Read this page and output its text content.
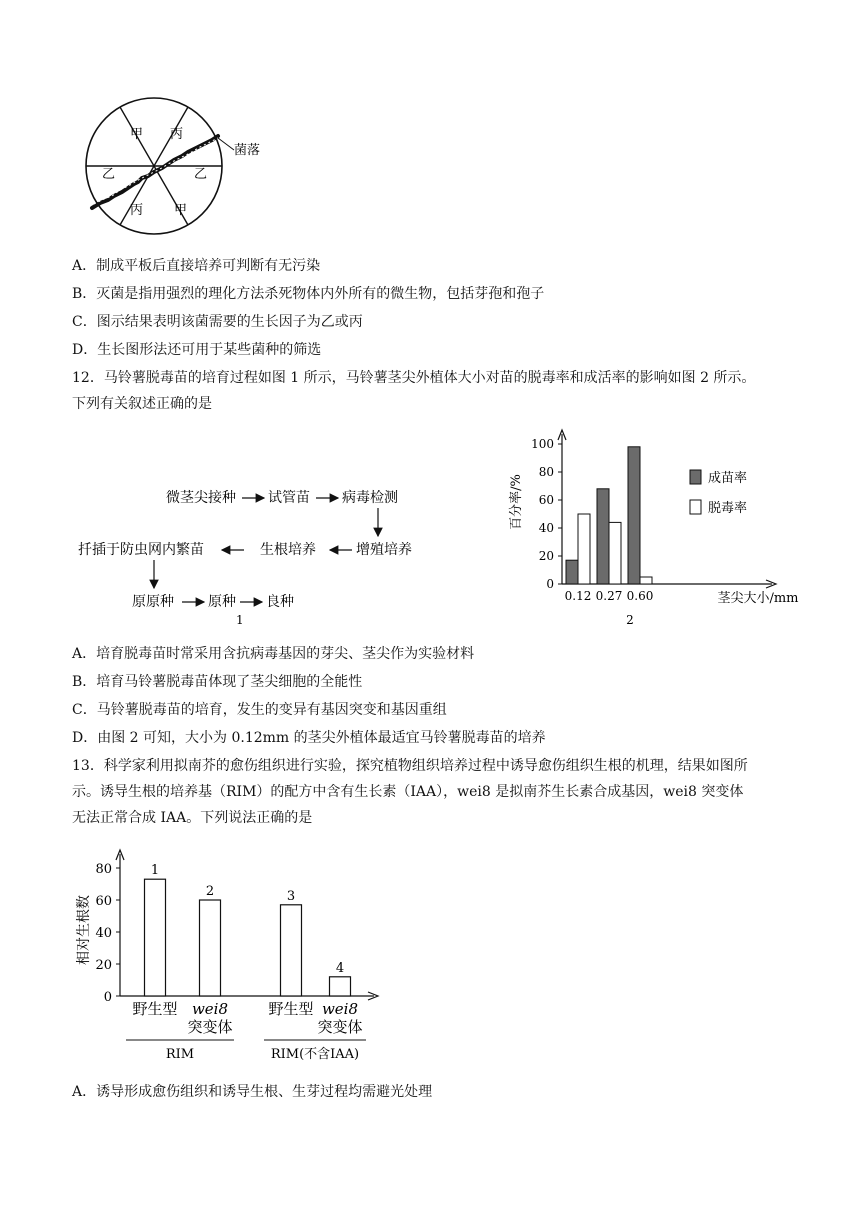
甲 丙
乙	乙
丙 甲
菌落
A．制成平板后直接培养可判断有无污染
B．灭菌是指用强烈的理化方法杀死物体内外所有的微生物，包括芽孢和孢子
C．图示结果表明该菌需要的生长因子为乙或丙
D．生长图形法还可用于某些菌种的筛选
12．马铃薯脱毒苗的培育过程如图 1 所示，马铃薯茎尖外植体大小对苗的脱毒率和成活率的影响如图 2 所示。
下列有关叙述正确的是
微茎尖接种 试管苗 病毒检测
增殖培养
生根培养
扦插于防虫网内繁苗
原原种 原种 良种
1
0
20
40
60
80
100
百分率/%
0.12 0.27 0.60	茎尖大小/mm
成苗率
脱毒率
2
A．培育脱毒苗时常采用含抗病毒基因的芽尖、茎尖作为实验材料
B．培育马铃薯脱毒苗体现了茎尖细胞的全能性
C．马铃薯脱毒苗的培育，发生的变异有基因突变和基因重组
D．由图 2 可知，大小为 0.12mm 的茎尖外植体最适宜马铃薯脱毒苗的培养
13．科学家利用拟南芥的愈伤组织进行实验，探究植物组织培养过程中诱导愈伤组织生根的机理，结果如图所
示。诱导生根的培养基（RIM）的配方中含有生长素（IAA），wei8 是拟南芥生长素合成基因，wei8 突变体
无法正常合成 IAA。下列说法正确的是
0
20
40
60
80
相对生根数
1
野生型
2
wei8
突变体
3
野生型
4
wei8
突变体
RIM	RIM(不含IAA)
A．诱导形成愈伤组织和诱导生根、生芽过程均需避光处理
